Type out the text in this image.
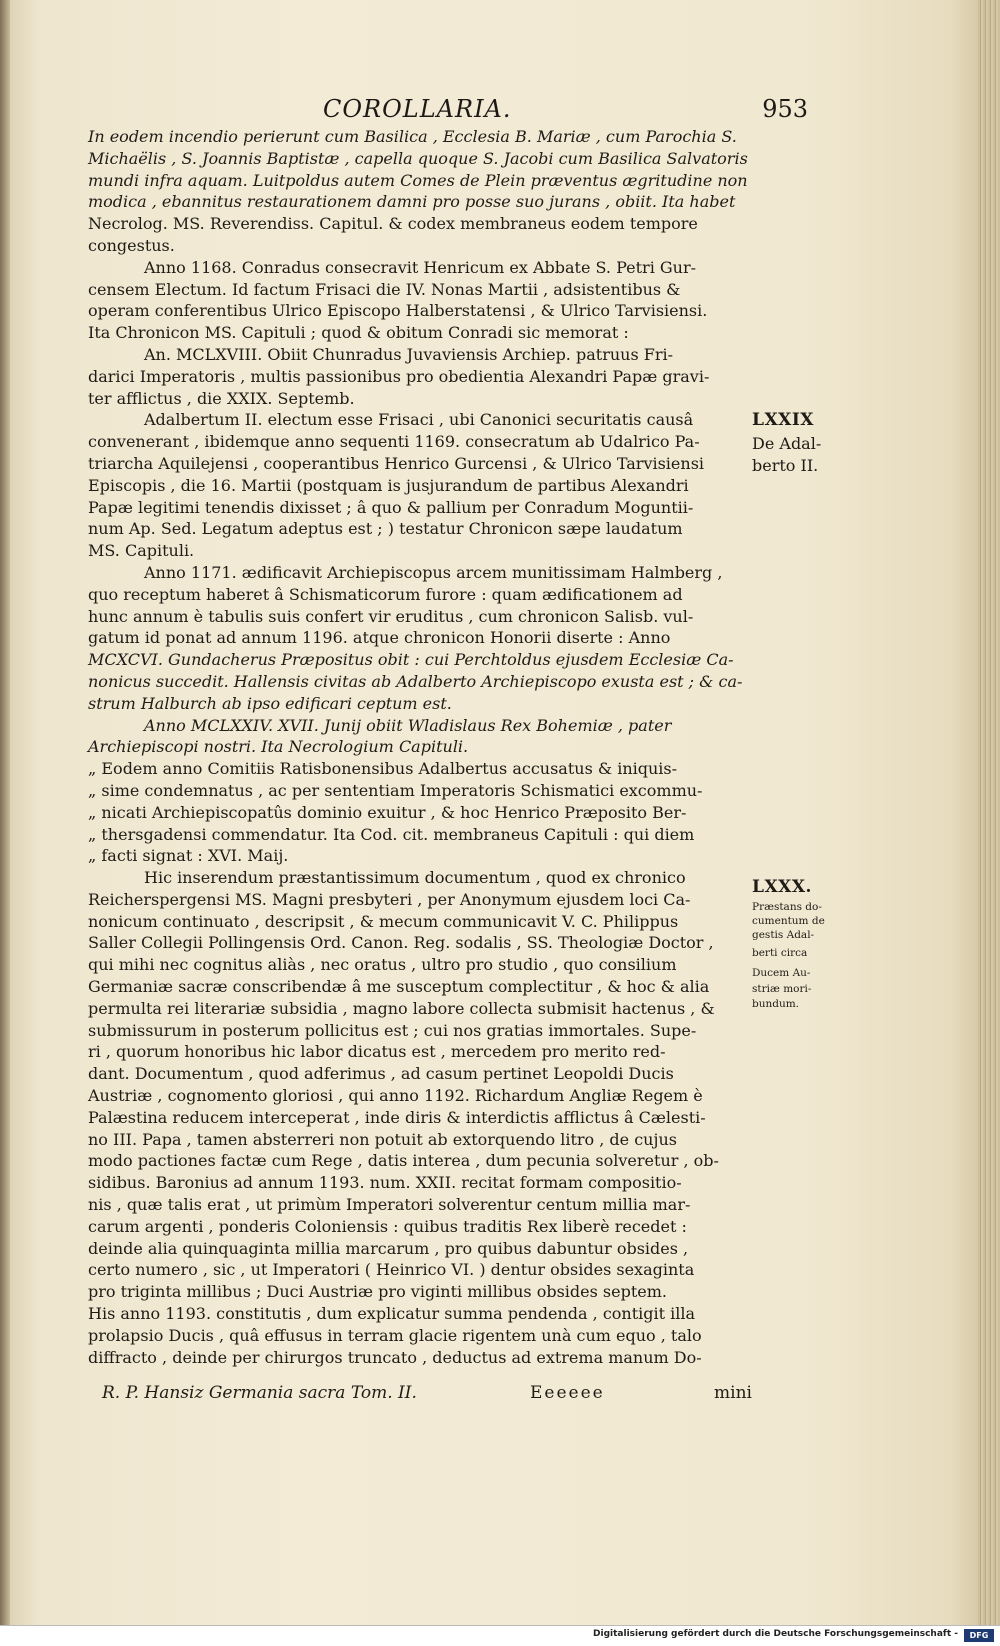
COROLLARIA.	953
In eodem incendio perierunt cum Basilica , Ecclesia B. Mariæ , cum Parochia S.
Michaëlis , S. Joannis Baptistæ , capella quoque S. Jacobi cum Basilica Salvatoris
mundi infra aquam. Luitpoldus autem Comes de Plein præventus ægritudine non
modica , ebannitus restaurationem damni pro posse suo jurans , obiit. Ita habet
Necrolog. MS. Reverendiss. Capitul. & codex membraneus eodem tempore
congestus.
Anno 1168. Conradus consecravit Henricum ex Abbate S. Petri Gur-
censem Electum. Id factum Frisaci die IV. Nonas Martii , adsistentibus &
operam conferentibus Ulrico Episcopo Halberstatensi , & Ulrico Tarvisiensi.
Ita Chronicon MS. Capituli ; quod & obitum Conradi sic memorat :
An. MCLXVIII. Obiit Chunradus Juvaviensis Archiep. patruus Fri-
darici Imperatoris , multis passionibus pro obedientia Alexandri Papæ gravi-
ter afflictus , die XXIX. Septemb.
Adalbertum II. electum esse Frisaci , ubi Canonici securitatis causâ
convenerant , ibidemque anno sequenti 1169. consecratum ab Udalrico Pa-
triarcha Aquilejensi , cooperantibus Henrico Gurcensi , & Ulrico Tarvisiensi
Episcopis , die 16. Martii (postquam is jusjurandum de partibus Alexandri
Papæ legitimi tenendis dixisset ; â quo & pallium per Conradum Moguntii-
num Ap. Sed. Legatum adeptus est ; ) testatur Chronicon sæpe laudatum
MS. Capituli.
Anno 1171. ædificavit Archiepiscopus arcem munitissimam Halmberg ,
quo receptum haberet â Schismaticorum furore : quam ædificationem ad
hunc annum è tabulis suis confert vir eruditus , cum chronicon Salisb. vul-
gatum id ponat ad annum 1196. atque chronicon Honorii diserte : Anno
MCXCVI. Gundacherus Præpositus obit : cui Perchtoldus ejusdem Ecclesiæ Ca-
nonicus succedit. Hallensis civitas ab Adalberto Archiepiscopo exusta est ; & ca-
strum Halburch ab ipso edificari ceptum est.
Anno MCLXXIV. XVII. Junij obiit Wladislaus Rex Bohemiæ , pater
Archiepiscopi nostri. Ita Necrologium Capituli.
„ Eodem anno Comitiis Ratisbonensibus Adalbertus accusatus & iniquis-
„ sime condemnatus , ac per sententiam Imperatoris Schismatici excommu-
„ nicati Archiepiscopatûs dominio exuitur , & hoc Henrico Præposito Ber-
„ thersgadensi commendatur. Ita Cod. cit. membraneus Capituli : qui diem
„ facti signat : XVI. Maij.
Hic inserendum præstantissimum documentum , quod ex chronico
Reicherspergensi MS. Magni presbyteri , per Anonymum ejusdem loci Ca-
nonicum continuato , descripsit , & mecum communicavit V. C. Philippus
Saller Collegii Pollingensis Ord. Canon. Reg. sodalis , SS. Theologiæ Doctor ,
qui mihi nec cognitus aliàs , nec oratus , ultro pro studio , quo consilium
Germaniæ sacræ conscribendæ â me susceptum complectitur , & hoc & alia
permulta rei literariæ subsidia , magno labore collecta submisit hactenus , &
submissurum in posterum pollicitus est ; cui nos gratias immortales. Supe-
ri , quorum honoribus hic labor dicatus est , mercedem pro merito red-
dant. Documentum , quod adferimus , ad casum pertinet Leopoldi Ducis
Austriæ , cognomento gloriosi , qui anno 1192. Richardum Angliæ Regem è
Palæstina reducem interceperat , inde diris & interdictis afflictus â Cælesti-
no III. Papa , tamen absterreri non potuit ab extorquendo litro , de cujus
modo pactiones factæ cum Rege , datis interea , dum pecunia solveretur , ob-
sidibus. Baronius ad annum 1193. num. XXII. recitat formam compositio-
nis , quæ talis erat , ut primùm Imperatori solverentur centum millia mar-
carum argenti , ponderis Coloniensis : quibus traditis Rex liberè recedet :
deinde alia quinquaginta millia marcarum , pro quibus dabuntur obsides ,
certo numero , sic , ut Imperatori ( Heinrico VI. ) dentur obsides sexaginta
pro triginta millibus ; Duci Austriæ pro viginti millibus obsides septem.
His anno 1193. constitutis , dum explicatur summa pendenda , contigit illa
prolapsio Ducis , quâ effusus in terram glacie rigentem unà cum equo , talo
diffracto , deinde per chirurgos truncato , deductus ad extrema manum Do-
LXXIX
De Adal-
berto II.
LXXX.
Præstans do-
cumentum de
gestis Adal-
berti circa
Ducem Au-
striæ mori-
bundum.
R. P. Hansiz Germania sacra Tom. II.	Eeeeee	mini
Digitalisierung gefördert durch die Deutsche Forschungsgemeinschaft -	DFG
